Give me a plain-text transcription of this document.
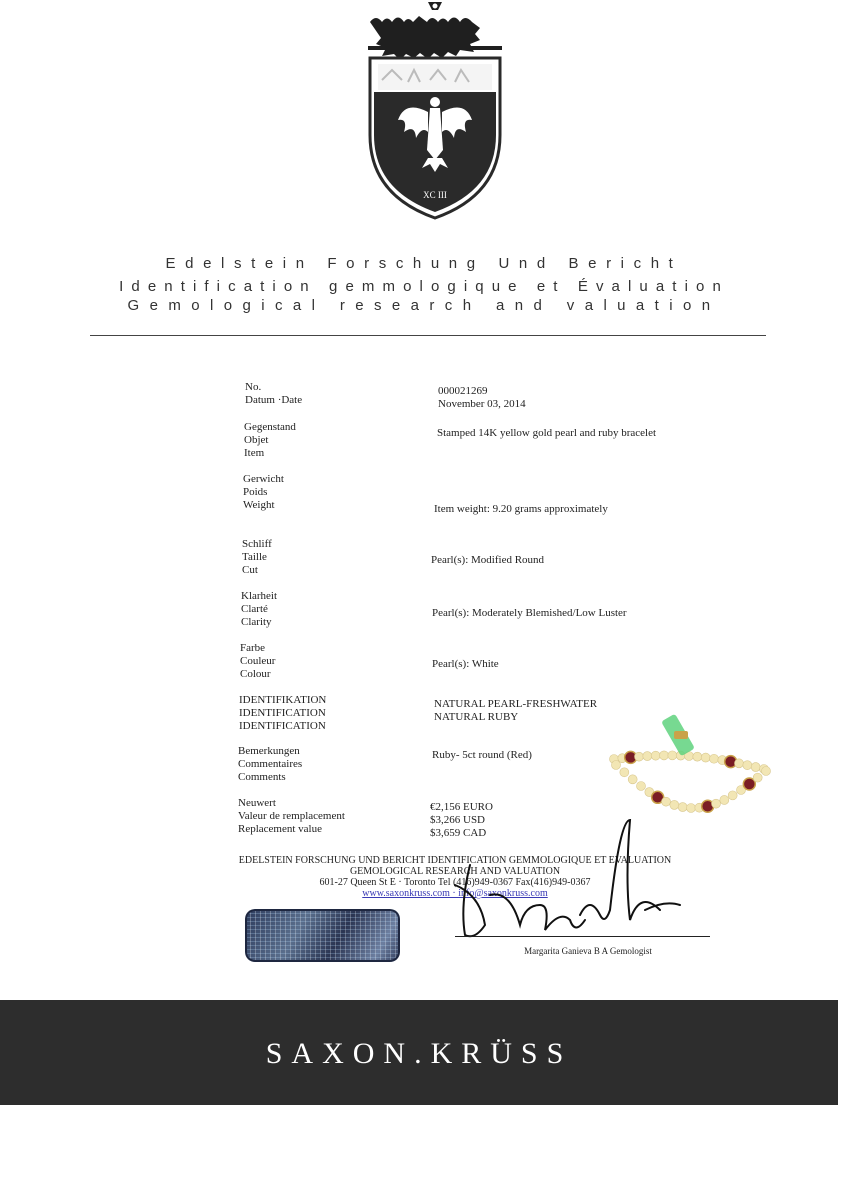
XC III
Edelstein Forschung Und Bericht
Identification gemmologique et Évaluation
Gemological research and valuation
No.
Datum ·Date
000021269
November 03, 2014
Gegenstand
Objet
Item
Stamped 14K yellow gold pearl and ruby bracelet
Gerwicht
Poids
Weight	Item weight: 9.20 grams approximately
Schliff
Taille
Cut
Pearl(s): Modified Round
Klarheit
Clarté
Clarity
Pearl(s): Moderately Blemished/Low Luster
Farbe
Couleur
Colour
Pearl(s): White
IDENTIFIKATION
IDENTIFICATION
IDENTIFICATION
NATURAL PEARL-FRESHWATER
NATURAL RUBY
Bemerkungen
Commentaires
Comments
Ruby- 5ct round (Red)
Neuwert
Valeur de remplacement
Replacement value
€2,156 EURO
$3,266 USD
$3,659 CAD
EDELSTEIN FORSCHUNG UND BERICHT IDENTIFICATION GEMMOLOGIQUE ET EVALUATION
GEMOLOGICAL RESEARCH AND VALUATION
601-27 Queen St E · Toronto Tel (416)949-0367 Fax(416)949-0367
www.saxonkruss.com · info@saxonkruss.com
Margarita Ganieva B A Gemologist
SAXON.KRÜSS
